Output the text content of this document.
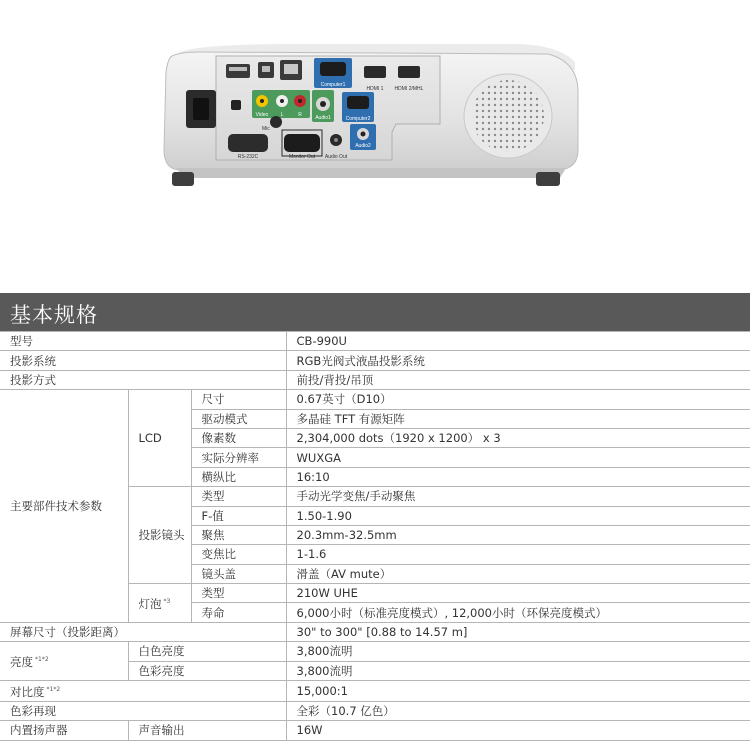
Computer1
HDMI 1 HDMI 2/MHL
Video L	R
Mic
Audio1	Computer2
Audio2
RS-232C	Monitor Out Audio Out
基本规格
型号			CB-990U
投影系统			RGB光阀式液晶投影系统
投影方式			前投/背投/吊顶
主要部件技术参数	LCD	尺寸	0.67英寸（D10）
		驱动模式	多晶硅 TFT 有源矩阵
		像素数	2,304,000 dots（1920 x 1200） x 3
		实际分辨率	WUXGA
		横纵比	16:10
	投影镜头	类型	手动光学变焦/手动聚焦
		F-值	1.50-1.90
		聚焦	20.3mm-32.5mm
		变焦比	1-1.6
		镜头盖	滑盖（AV mute）
	灯泡 $^{*3}$	类型	210W UHE
		寿命	6,000小时（标准亮度模式）, 12,000小时（环保亮度模式）
屏幕尺寸（投影距离）			30" to 300" [0.88 to 14.57 m]
亮度 $^{*1*2}$	白色亮度		3,800流明
	色彩亮度		3,800流明
对比度 $^{*1*2}$			15,000:1
色彩再现			全彩（10.7 亿色）
内置扬声器	声音输出		16W
